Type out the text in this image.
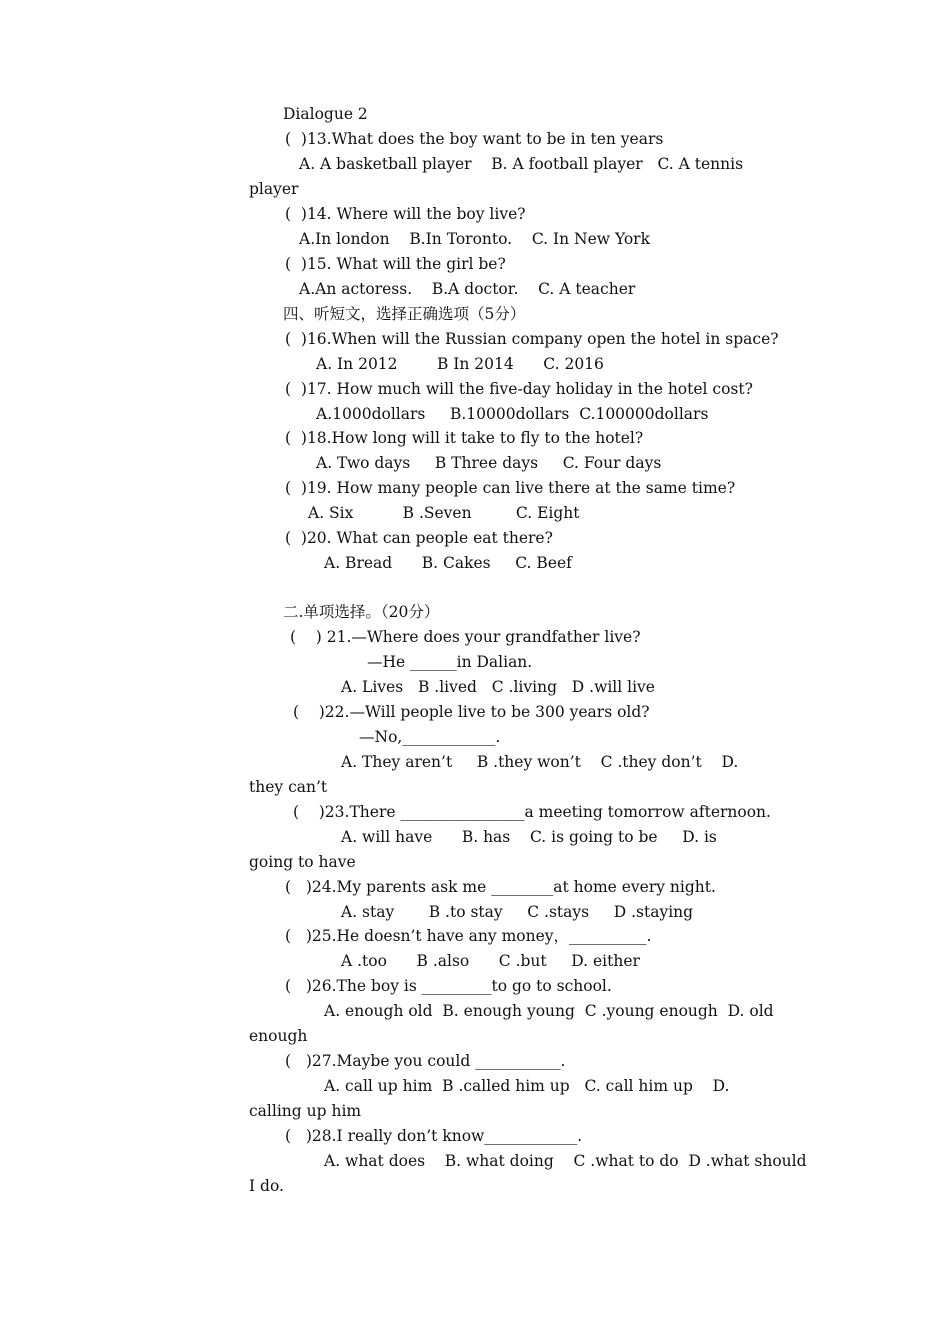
Dialogue 2
(  )13.What does the boy want to be in ten years
A. A basketball player    B. A football player   C. A tennis
player
(  )14. Where will the boy live?
A.In london    B.In Toronto.    C. In New York
(  )15. What will the girl be?
A.An actoress.    B.A doctor.    C. A teacher
四、听短文，选择正确选项（5分）
(  )16.When will the Russian company open the hotel in space?
A. In 2012        B In 2014      C. 2016
(  )17. How much will the five-day holiday in the hotel cost?
A.1000dollars     B.10000dollars  C.100000dollars
(  )18.How long will it take to fly to the hotel?
A. Two days     B Three days     C. Four days
(  )19. How many people can live there at the same time?
A. Six          B .Seven         C. Eight
(  )20. What can people eat there?
A. Bread      B. Cakes     C. Beef
二.单项选择。（20分）
(    ) 21.—Where does your grandfather live?
—He ______in Dalian.
A. Lives   B .lived   C .living   D .will live
(    )22.—Will people live to be 300 years old?
—No,____________.
A. They aren’t     B .they won’t    C .they don’t    D.
they can’t
(    )23.There ________________a meeting tomorrow afternoon.
A. will have      B. has    C. is going to be     D. is
going to have
(   )24.My parents ask me ________at home every night.
A. stay       B .to stay     C .stays     D .staying
(   )25.He doesn’t have any money，__________.
A .too      B .also      C .but     D. either
(   )26.The boy is _________to go to school.
A. enough old  B. enough young  C .young enough  D. old
enough
(   )27.Maybe you could ___________.
A. call up him  B .called him up   C. call him up    D.
calling up him
(   )28.I really don’t know____________.
A. what does    B. what doing    C .what to do  D .what should
I do.
